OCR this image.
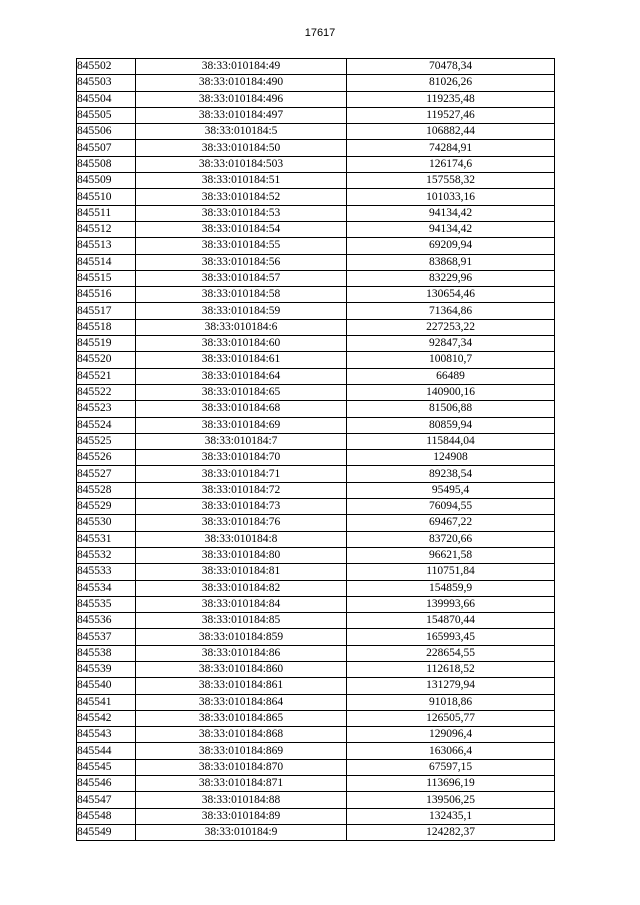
17617
845502	38:33:010184:49	70478,34
845503	38:33:010184:490	81026,26
845504	38:33:010184:496	119235,48
845505	38:33:010184:497	119527,46
845506	38:33:010184:5	106882,44
845507	38:33:010184:50	74284,91
845508	38:33:010184:503	126174,6
845509	38:33:010184:51	157558,32
845510	38:33:010184:52	101033,16
845511	38:33:010184:53	94134,42
845512	38:33:010184:54	94134,42
845513	38:33:010184:55	69209,94
845514	38:33:010184:56	83868,91
845515	38:33:010184:57	83229,96
845516	38:33:010184:58	130654,46
845517	38:33:010184:59	71364,86
845518	38:33:010184:6	227253,22
845519	38:33:010184:60	92847,34
845520	38:33:010184:61	100810,7
845521	38:33:010184:64	66489
845522	38:33:010184:65	140900,16
845523	38:33:010184:68	81506,88
845524	38:33:010184:69	80859,94
845525	38:33:010184:7	115844,04
845526	38:33:010184:70	124908
845527	38:33:010184:71	89238,54
845528	38:33:010184:72	95495,4
845529	38:33:010184:73	76094,55
845530	38:33:010184:76	69467,22
845531	38:33:010184:8	83720,66
845532	38:33:010184:80	96621,58
845533	38:33:010184:81	110751,84
845534	38:33:010184:82	154859,9
845535	38:33:010184:84	139993,66
845536	38:33:010184:85	154870,44
845537	38:33:010184:859	165993,45
845538	38:33:010184:86	228654,55
845539	38:33:010184:860	112618,52
845540	38:33:010184:861	131279,94
845541	38:33:010184:864	91018,86
845542	38:33:010184:865	126505,77
845543	38:33:010184:868	129096,4
845544	38:33:010184:869	163066,4
845545	38:33:010184:870	67597,15
845546	38:33:010184:871	113696,19
845547	38:33:010184:88	139506,25
845548	38:33:010184:89	132435,1
845549	38:33:010184:9	124282,37
